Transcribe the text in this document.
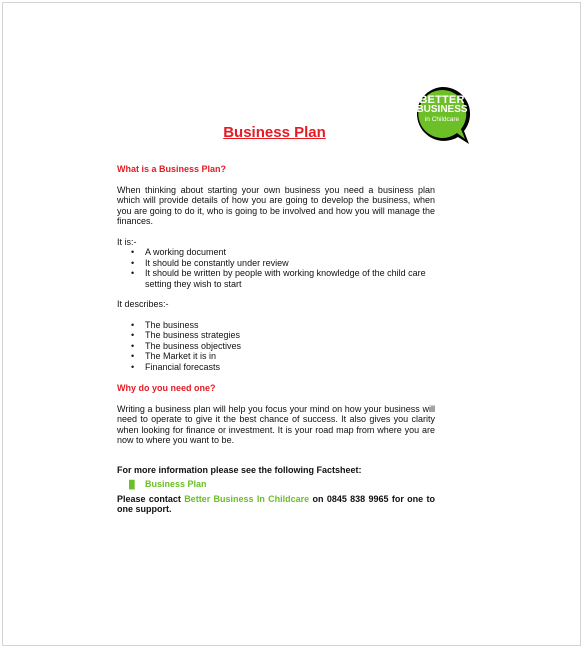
BETTER
BUSINESS
in Childcare
Business Plan

What is a Business Plan?

When thinking about starting your own business you need a business plan which will provide details of how you are going to develop the business, when you are going to do it, who is going to be involved and how you will manage the finances.

It is:-

• A working document
• It should be constantly under review
• It should be written by people with working knowledge of the child care setting they wish to start

It describes:-

• The business
• The business strategies
• The business objectives
• The Market it is in
• Financial forecasts

Why do you need one?

Writing a business plan will help you focus your mind on how your business will need to operate to give it the best chance of success. It also gives you clarity when looking for finance or investment. It is your road map from where you are now to where you want to be.

For more information please see the following Factsheet:

█ Business Plan

Please contact Better Business In Childcare on 0845 838 9965 for one to one support.
